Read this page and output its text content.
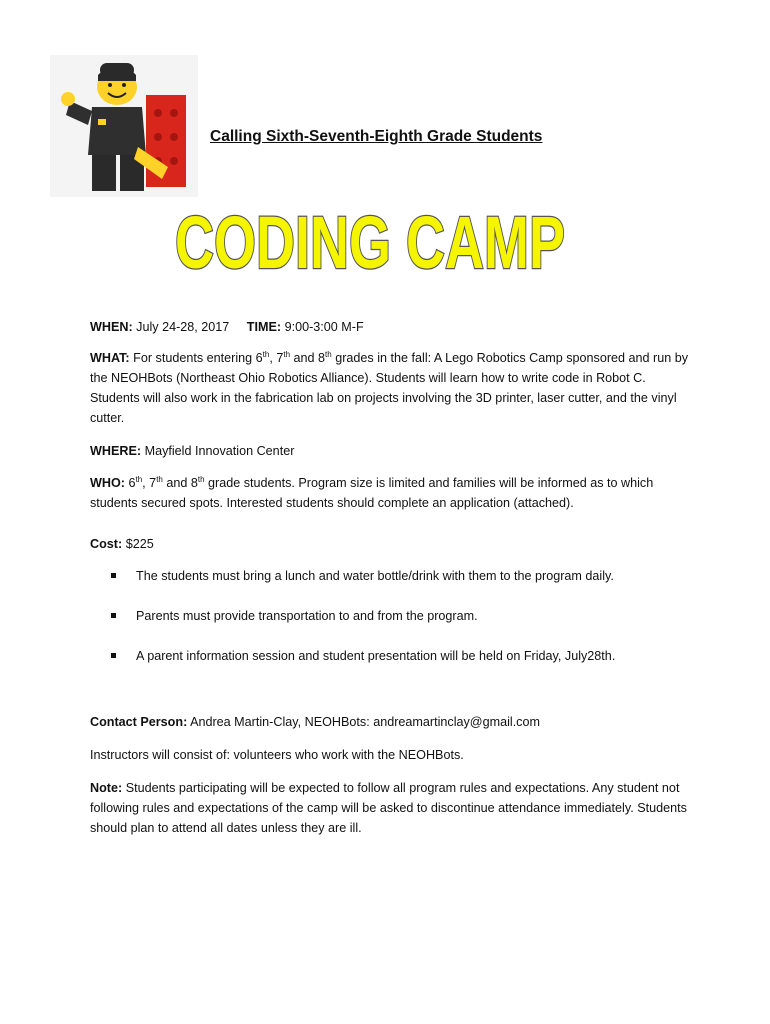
Calling Sixth-Seventh-Eighth Grade Students
CODING CAMP
WHEN: July 24-28, 2017 TIME: 9:00-3:00 M-F
WHAT: For students entering 6th, 7th and 8th grades in the fall: A Lego Robotics Camp sponsored and run by the NEOHBots (Northeast Ohio Robotics Alliance). Students will learn how to write code in Robot C. Students will also work in the fabrication lab on projects involving the 3D printer, laser cutter, and the vinyl cutter.
WHERE: Mayfield Innovation Center
WHO: 6th, 7th and 8th grade students. Program size is limited and families will be informed as to which students secured spots. Interested students should complete an application (attached).
Cost: $225
The students must bring a lunch and water bottle/drink with them to the program daily.
Parents must provide transportation to and from the program.
A parent information session and student presentation will be held on Friday, July28th.
Contact Person: Andrea Martin-Clay, NEOHBots: andreamartinclay@gmail.com
Instructors will consist of: volunteers who work with the NEOHBots.
Note: Students participating will be expected to follow all program rules and expectations. Any student not following rules and expectations of the camp will be asked to discontinue attendance immediately. Students should plan to attend all dates unless they are ill.
